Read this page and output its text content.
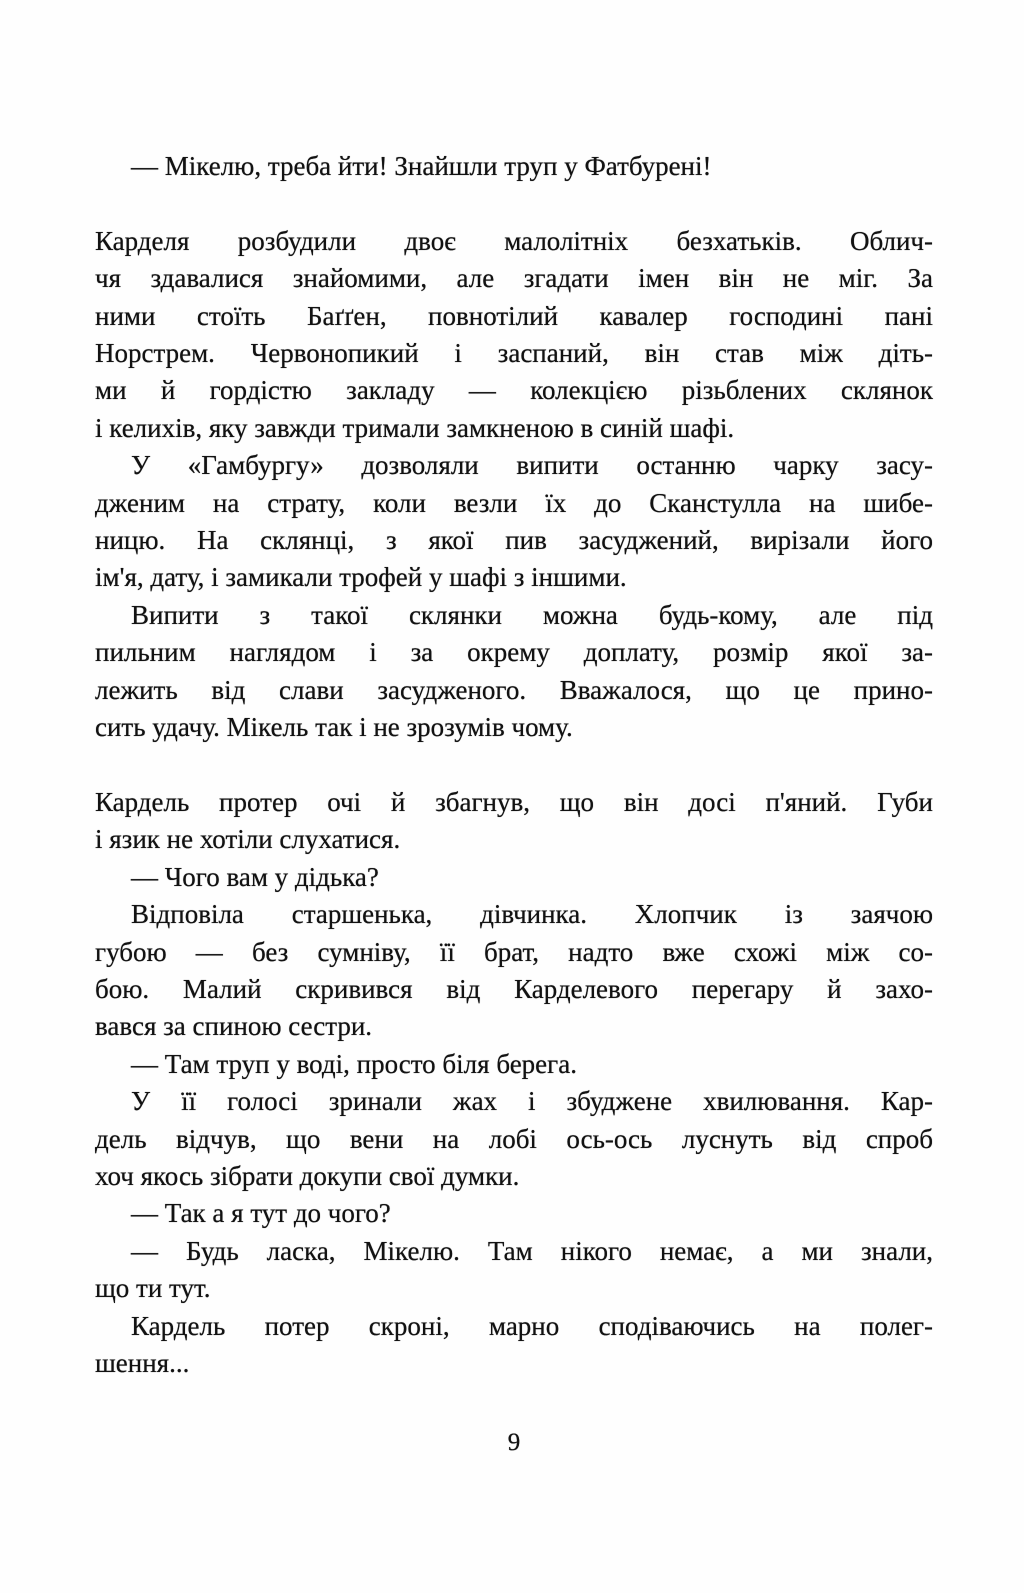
— Мікелю, треба йти! Знайшли труп у Фатбурені!
Карделя розбудили двоє малолітніх безхатьків. Облич-
чя здавалися знайомими, але згадати імен він не міг. За
ними стоїть Баґґен, повнотілий кавалер господині пані
Норстрем. Червонопикий і заспаний, він став між діть-
ми й гордістю закладу — колекцією різьблених склянок
і келихів, яку завжди тримали замкненою в синій шафі.
У «Гамбургу» дозволяли випити останню чарку засу-
дженим на страту, коли везли їх до Сканстулла на шибе-
ницю. На склянці, з якої пив засуджений, вирізали його
ім'я, дату, і замикали трофей у шафі з іншими.
Випити з такої склянки можна будь-кому, але під
пильним наглядом і за окрему доплату, розмір якої за-
лежить від слави засудженого. Вважалося, що це прино-
сить удачу. Мікель так і не зрозумів чому.
Кардель протер очі й збагнув, що він досі п'яний. Губи
і язик не хотіли слухатися.
— Чого вам у дідька?
Відповіла старшенька, дівчинка. Хлопчик із заячою
губою — без сумніву, її брат, надто вже схожі між со-
бою. Малий скривився від Карделевого перегару й захо-
вався за спиною сестри.
— Там труп у воді, просто біля берега.
У її голосі зринали жах і збуджене хвилювання. Кар-
дель відчув, що вени на лобі ось-ось луснуть від спроб
хоч якось зібрати докупи свої думки.
— Так а я тут до чого?
— Будь ласка, Мікелю. Там нікого немає, а ми знали,
що ти тут.
Кардель потер скроні, марно сподіваючись на полег-
шення...
9
